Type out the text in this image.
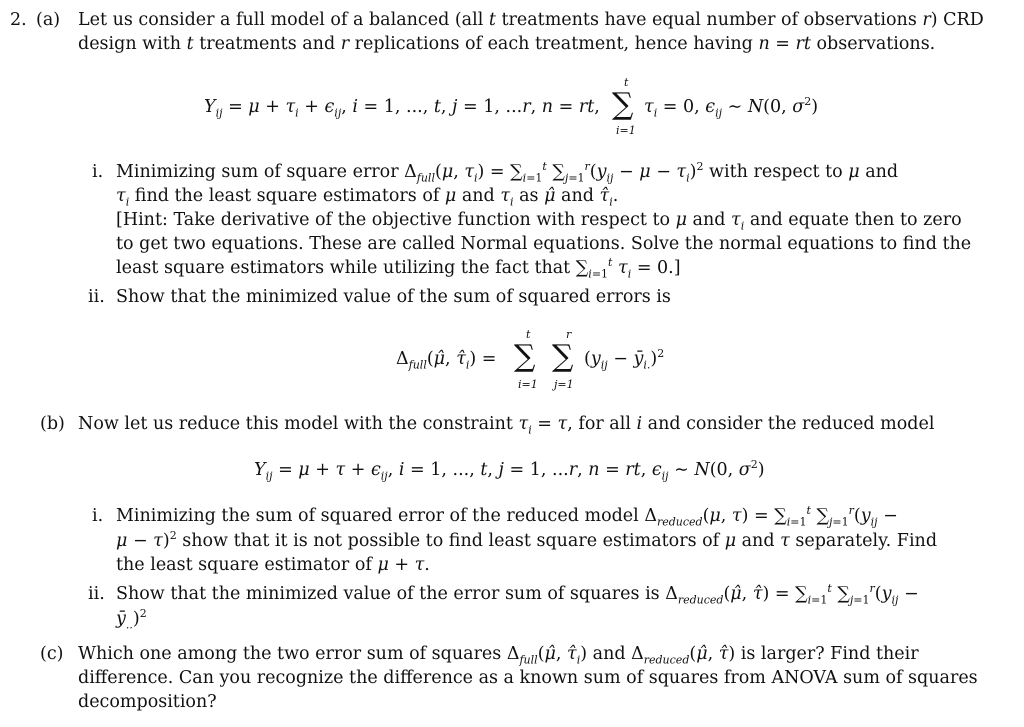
2. (a) Let us consider a full model of a balanced (all t treatments have equal number of observations r) CRD
design with t treatments and r replications of each treatment, hence having n = rt observations.
$Y_{ij} = \mu + \tau_i + \epsilon_{ij}$, i = 1, ..., t, j = 1, ...r, n = rt,
t
∑
i=1
$\tau_i = 0$, $\epsilon_{ij}$ ∼ N(0, $\sigma^2$)
i. Minimizing sum of square error $\Delta_{full}(\mu$, $\tau_i) = \sum_{i=1}^t$ $\sum_{j=1}^r(y_{ij} - \mu - \tau_i)^2$ with respect to μ and
$\tau_i$ find the least square estimators of μ and $\tau_i$ as μ̂ and $\taû_i$.
[Hint: Take derivative of the objective function with respect to μ and $\tau_i$ and equate then to zero
to get two equations. These are called Normal equations. Solve the normal equations to find the
least square estimators while utilizing the fact that $\sum_{i=1}^t$ $\tau_i = 0$.]
ii. Show that the minimized value of the sum of squared errors is
$\Delta_{full}(\mû$, $\taû_i$) =
t
∑
i=1
r
∑
j=1
($y_{ij}$ − $ȳ_{i.})^2$
(b) Now let us reduce this model with the constraint $\tau_i = \tau$, for all i and consider the reduced model
$Y_{ij} = \mu + \tau + \epsilon_{ij}$, i = 1, ..., t, j = 1, ...r, n = rt, $\epsilon_{ij}$ ∼ N(0, $\sigma^2$)
i. Minimizing the sum of squared error of the reduced model $\Delta_{reduced}(\mu$, $\tau) = \sum_{i=1}^t$ $\sum_{j=1}^r(y_{ij}$ −
μ − τ)$^2$ show that it is not possible to find least square estimators of μ and τ separately. Find
the least square estimator of μ + τ.
ii. Show that the minimized value of the error sum of squares is $\Delta_{reduced}(\mû$, τ̂) = $\sum_{i=1}^t$ $\sum_{j=1}^r(y_{ij}$ −
$ȳ_{..})^2$
(c) Which one among the two error sum of squares $\Delta_{full}(\mû$, $\taû_i$) and $\Delta_{reduced}(\mû$, τ̂) is larger? Find their
difference. Can you recognize the difference as a known sum of squares from ANOVA sum of squares
decomposition?
